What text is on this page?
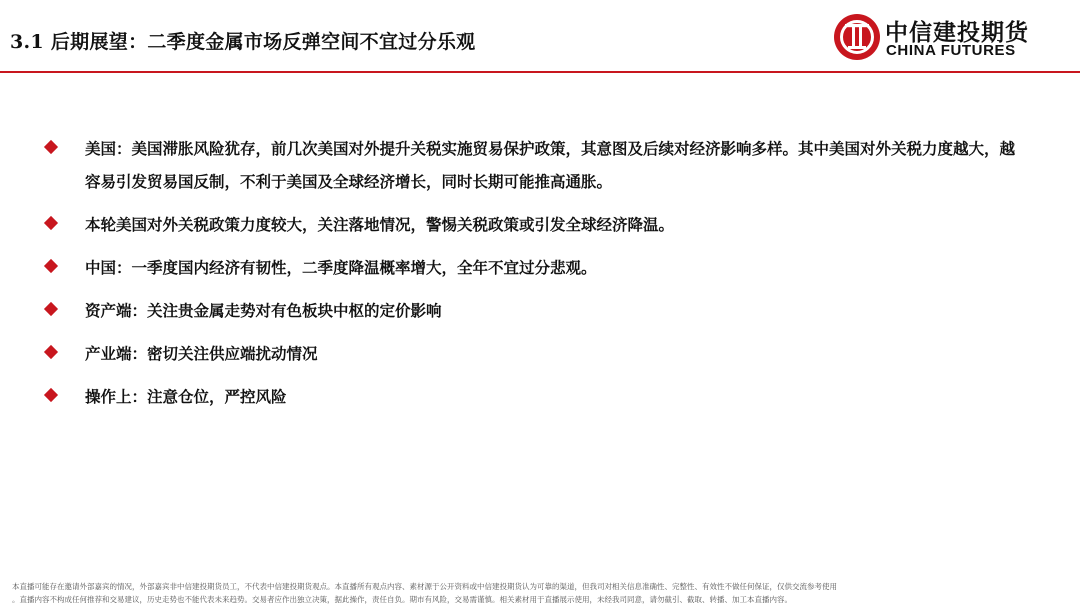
3.1 后期展望：二季度金属市场反弹空间不宜过分乐观	中信建投期货
CHINA FUTURES
美国：美国滞胀风险犹存，前几次美国对外提升关税实施贸易保护政策，其意图及后续对经济影响多样。其中美国对外关税力度越大，越容易引发贸易国反制，不利于美国及全球经济增长，同时长期可能推高通胀。
本轮美国对外关税政策力度较大，关注落地情况，警惕关税政策或引发全球经济降温。
中国：一季度国内经济有韧性，二季度降温概率增大，全年不宜过分悲观。
资产端：关注贵金属走势对有色板块中枢的定价影响
产业端：密切关注供应端扰动情况
操作上：注意仓位，严控风险
本直播可能存在邀请外部嘉宾的情况，外部嘉宾非中信建投期货员工，不代表中信建投期货观点。本直播所有观点内容、素材源于公开资料或中信建投期货认为可靠的渠道，但我司对相关信息准确性、完整性、有效性不做任何保证，仅供交流参考使用
。直播内容不构成任何推荐和交易建议，历史走势也不能代表未来趋势。交易者应作出独立决策，据此操作，责任自负。期市有风险，交易需谨慎。相关素材用于直播展示使用，未经我司同意，请勿截引、截取、转播、加工本直播内容。
